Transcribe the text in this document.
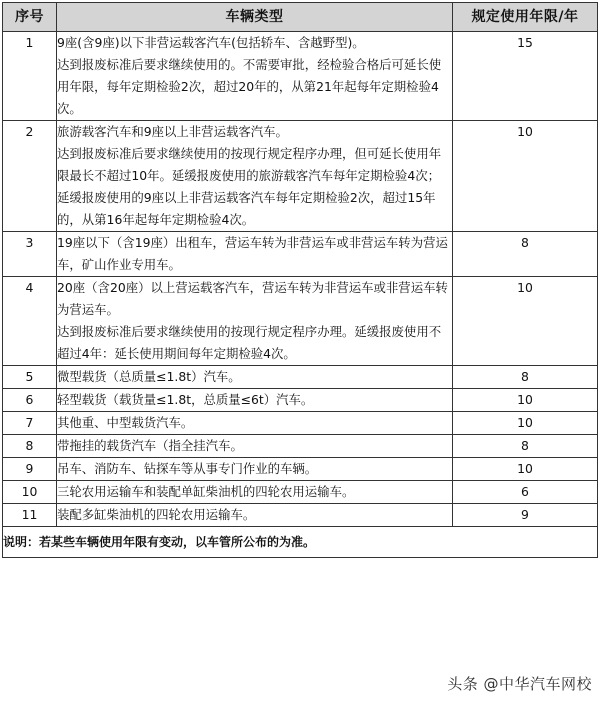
序号	车辆类型	规定使用年限/年
1	9座(含9座)以下非营运载客汽车(包括轿车、含越野型)。
达到报废标准后要求继续使用的。不需要审批，经检验合格后可延长使用年限，每年定期检验2次，超过20年的，从第21年起每年定期检验4次。	15
2	旅游载客汽车和9座以上非营运载客汽车。
达到报废标准后要求继续使用的按现行规定程序办理，但可延长使用年限最长不超过10年。延缓报废使用的旅游载客汽车每年定期检验4次；延缓报废使用的9座以上非营运载客汽车每年定期检验2次，超过15年的，从第16年起每年定期检验4次。	10
3	19座以下（含19座）出租车，营运车转为非营运车或非营运车转为营运车，矿山作业专用车。	8
4	20座（含20座）以上营运载客汽车，营运车转为非营运车或非营运车转为营运车。
达到报废标准后要求继续使用的按现行规定程序办理。延缓报废使用不超过4年：延长使用期间每年定期检验4次。	10
5	微型载货（总质量≤1.8t）汽车。	8
6	轻型载货（载货量≤1.8t，总质量≤6t）汽车。	10
7	其他重、中型载货汽车。	10
8	带拖挂的载货汽车（指全挂汽车。	8
9	吊车、消防车、钻探车等从事专门作业的车辆。	10
10	三轮农用运输车和装配单缸柴油机的四轮农用运输车。	6
11	装配多缸柴油机的四轮农用运输车。	9
说明：若某些车辆使用年限有变动，以车管所公布的为准。		
头条 @中华汽车网校
